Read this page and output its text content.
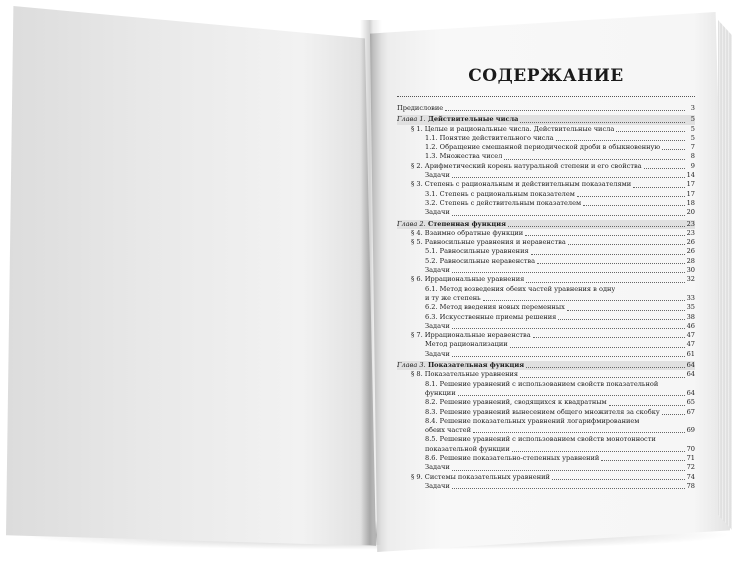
СОДЕРЖАНИЕ
Предисловие	3
Глава 1. Действительные числа	5
§ 1. Целые и рациональные числа. Действительные числа	5
1.1. Понятие действительного числа	5
1.2. Обращение смешанной периодической дроби в обыкновенную	7
1.3. Множества чисел	8
§ 2. Арифметический корень натуральной степени и его свойства	9
Задачи	14
§ 3. Степень с рациональным и действительным показателями	17
3.1. Степень с рациональным показателем	17
3.2. Степень с действительным показателем	18
Задачи	20
Глава 2. Степенная функция	23
§ 4. Взаимно обратные функции	23
§ 5. Равносильные уравнения и неравенства	26
5.1. Равносильные уравнения	26
5.2. Равносильные неравенства	28
Задачи	30
§ 6. Иррациональные уравнения	32
6.1. Метод возведения обеих частей уравнения в одну
и ту же степень	33
6.2. Метод введения новых переменных	35
6.3. Искусственные приемы решения	38
Задачи	46
§ 7. Иррациональные неравенства	47
Метод рационализации	47
Задачи	61
Глава 3. Показательная функция	64
§ 8. Показательные уравнения	64
8.1. Решение уравнений с использованием свойств показательной
функции	64
8.2. Решение уравнений, сводящихся к квадратным	65
8.3. Решение уравнений вынесением общего множителя за скобку	67
8.4. Решение показательных уравнений логарифмированием
обеих частей	69
8.5. Решение уравнений с использованием свойств монотонности
показательной функции	70
8.6. Решение показательно-степенных уравнений	71
Задачи	72
§ 9. Системы показательных уравнений	74
Задачи	78
